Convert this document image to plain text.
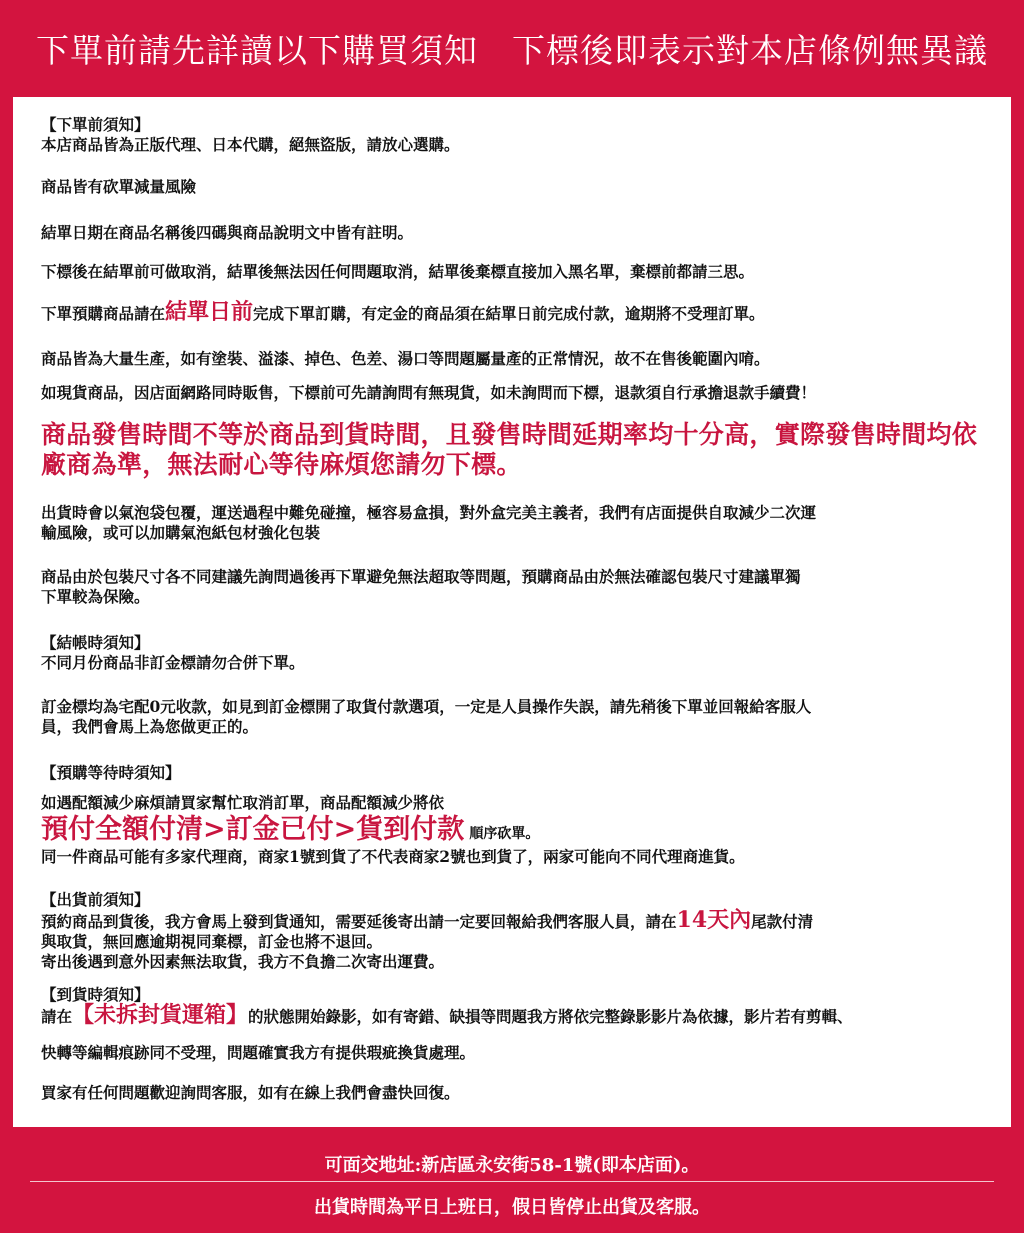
下單前請先詳讀以下購買須知　下標後即表示對本店條例無異議
【下單前須知】
本店商品皆為正版代理、日本代購，絕無盜版，請放心選購。
商品皆有砍單減量風險
結單日期在商品名稱後四碼與商品說明文中皆有註明。
下標後在結單前可做取消，結單後無法因任何問題取消，結單後棄標直接加入黑名單，棄標前都請三思。
下單預購商品請在結單日前完成下單訂購，有定金的商品須在結單日前完成付款，逾期將不受理訂單。
商品皆為大量生產，如有塗裝、溢漆、掉色、色差、湯口等問題屬量產的正常情況，故不在售後範圍內唷。
如現貨商品，因店面網路同時販售，下標前可先請詢問有無現貨，如未詢問而下標，退款須自行承擔退款手續費！
商品發售時間不等於商品到貨時間，且發售時間延期率均十分高，實際發售時間均依
廠商為準，無法耐心等待麻煩您請勿下標。
出貨時會以氣泡袋包覆，運送過程中難免碰撞，極容易盒損，對外盒完美主義者，我們有店面提供自取減少二次運
輸風險，或可以加購氣泡紙包材強化包裝
商品由於包裝尺寸各不同建議先詢問過後再下單避免無法超取等問題，預購商品由於無法確認包裝尺寸建議單獨
下單較為保險。
【結帳時須知】
不同月份商品非訂金標請勿合併下單。
訂金標均為宅配0元收款，如見到訂金標開了取貨付款選項，一定是人員操作失誤，請先稍後下單並回報給客服人
員，我們會馬上為您做更正的。
【預購等待時須知】
如遇配額減少麻煩請買家幫忙取消訂單，商品配額減少將依
預付全額付清>訂金已付>貨到付款 順序砍單。
同一件商品可能有多家代理商，商家1號到貨了不代表商家2號也到貨了，兩家可能向不同代理商進貨。
【出貨前須知】
預約商品到貨後，我方會馬上發到貨通知，需要延後寄出請一定要回報給我們客服人員，請在14天內尾款付清
與取貨，無回應逾期視同棄標，訂金也將不退回。
寄出後遇到意外因素無法取貨，我方不負擔二次寄出運費。
【到貨時須知】
請在【未拆封貨運箱】的狀態開始錄影，如有寄錯、缺損等問題我方將依完整錄影影片為依據，影片若有剪輯、
快轉等編輯痕跡同不受理，問題確實我方有提供瑕疵換貨處理。
買家有任何問題歡迎詢問客服，如有在線上我們會盡快回復。
可面交地址:新店區永安街58-1號(即本店面)。
出貨時間為平日上班日，假日皆停止出貨及客服。
